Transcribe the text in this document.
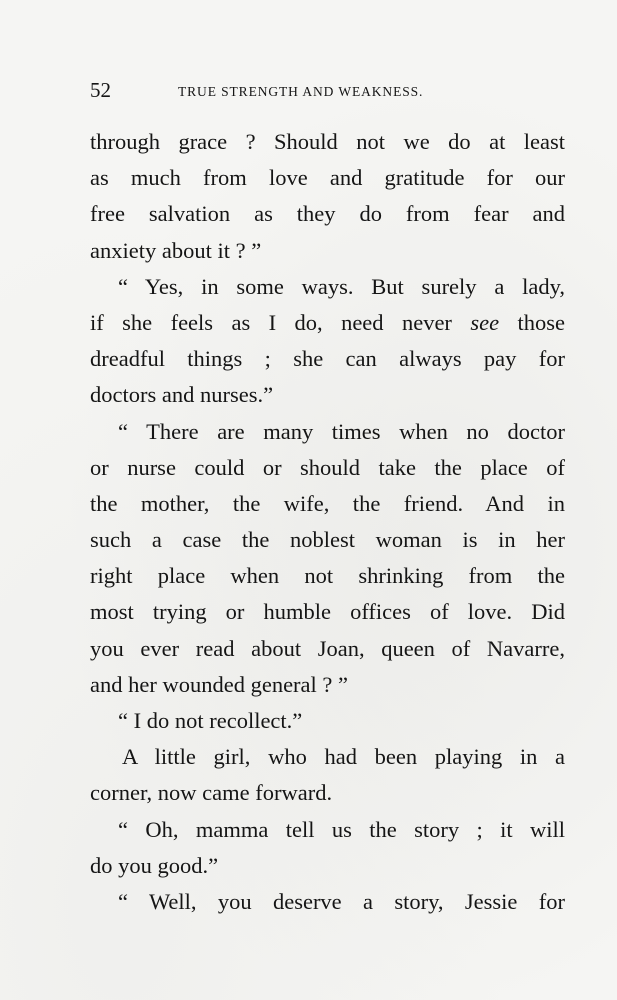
52	TRUE STRENGTH AND WEAKNESS.
through grace ? Should not we do at least
as much from love and gratitude for our
free salvation as they do from fear and
anxiety about it ? ”
“ Yes, in some ways. But surely a lady,
if she feels as I do, need never see those
dreadful things ; she can always pay for
doctors and nurses.”
“ There are many times when no doctor
or nurse could or should take the place of
the mother, the wife, the friend. And in
such a case the noblest woman is in her
right place when not shrinking from the
most trying or humble offices of love. Did
you ever read about Joan, queen of Navarre,
and her wounded general ? ”
“ I do not recollect.”
A little girl, who had been playing in a
corner, now came forward.
“ Oh, mamma tell us the story ; it will
do you good.”
“ Well, you deserve a story, Jessie for
